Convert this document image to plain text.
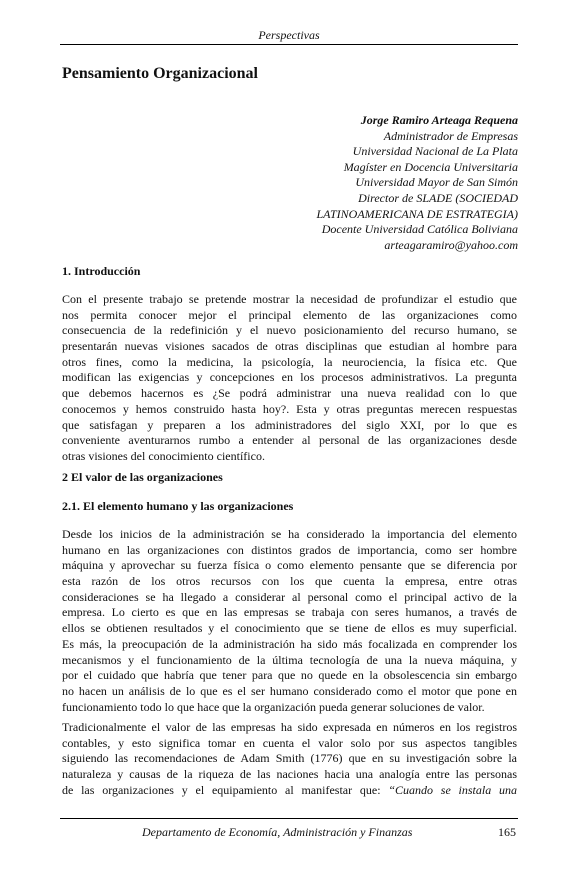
Perspectivas
Pensamiento Organizacional
Jorge Ramiro Arteaga Requena
Administrador de Empresas
Universidad Nacional de La Plata
Magíster en Docencia Universitaria
Universidad Mayor de San Simón
Director de SLADE (SOCIEDAD
LATINOAMERICANA DE ESTRATEGIA)
Docente Universidad Católica Boliviana
arteagaramiro@yahoo.com
1. Introducción

Con el presente trabajo se pretende mostrar la necesidad de profundizar el estudio que
nos permita conocer mejor el principal elemento de las organizaciones como
consecuencia de la redefinición y el nuevo posicionamiento del recurso humano, se
presentarán nuevas visiones sacados de otras disciplinas que estudian al hombre para
otros fines, como la medicina, la psicología, la neurociencia, la física etc. Que
modifican las exigencias y concepciones en los procesos administrativos. La pregunta
que debemos hacernos es ¿Se podrá administrar una nueva realidad con lo que
conocemos y hemos construido hasta hoy?. Esta y otras preguntas merecen respuestas
que satisfagan y preparen a los administradores del siglo XXI, por lo que es
conveniente aventurarnos rumbo a entender al personal de las organizaciones desde
otras visiones del conocimiento científico.

2 El valor de las organizaciones
2.1. El elemento humano y las organizaciones

Desde los inicios de la administración se ha considerado la importancia del elemento
humano en las organizaciones con distintos grados de importancia, como ser hombre
máquina y aprovechar su fuerza física o como elemento pensante que se diferencia por
esta razón de los otros recursos con los que cuenta la empresa, entre otras
consideraciones se ha llegado a considerar al personal como el principal activo de la
empresa. Lo cierto es que en las empresas se trabaja con seres humanos, a través de
ellos se obtienen resultados y el conocimiento que se tiene de ellos es muy superficial.
Es más, la preocupación de la administración ha sido más focalizada en comprender los
mecanismos y el funcionamiento de la última tecnología de una la nueva máquina, y
por el cuidado que habría que tener para que no quede en la obsolescencia sin embargo
no hacen un análisis de lo que es el ser humano considerado como el motor que pone en
funcionamiento todo lo que hace que la organización pueda generar soluciones de valor.

Tradicionalmente el valor de las empresas ha sido expresada en números en los registros
contables, y esto significa tomar en cuenta el valor solo por sus aspectos tangibles
siguiendo las recomendaciones de Adam Smith (1776) que en su investigación sobre la
naturaleza y causas de la riqueza de las naciones hacia una analogía entre las personas
de las organizaciones y el equipamiento al manifestar que: “Cuando se instala una

Departamento de Economía, Administración y Finanzas	165
